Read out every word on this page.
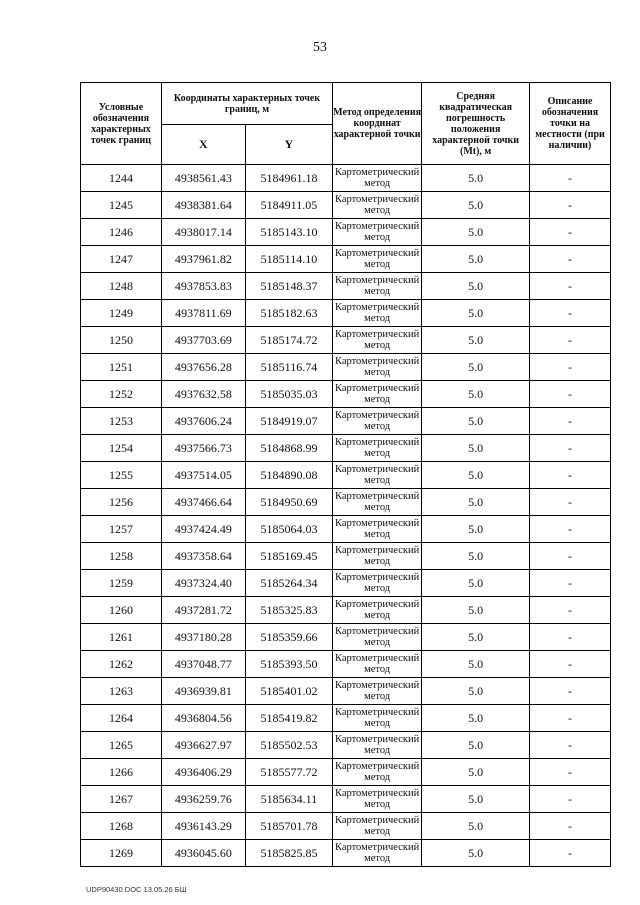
53
Условные обозначения характерных точек границ	Координаты характерных точек границ, м		Метод определения координат характерной точки	Средняя квадратическая погрешность положения характерной точки (Mt), м	Описание обозначения точки на местности (при наличии)
	X	Y			
1244	4938561.43	5184961.18	Картометрический метод	5.0	-
1245	4938381.64	5184911.05	Картометрический метод	5.0	-
1246	4938017.14	5185143.10	Картометрический метод	5.0	-
1247	4937961.82	5185114.10	Картометрический метод	5.0	-
1248	4937853.83	5185148.37	Картометрический метод	5.0	-
1249	4937811.69	5185182.63	Картометрический метод	5.0	-
1250	4937703.69	5185174.72	Картометрический метод	5.0	-
1251	4937656.28	5185116.74	Картометрический метод	5.0	-
1252	4937632.58	5185035.03	Картометрический метод	5.0	-
1253	4937606.24	5184919.07	Картометрический метод	5.0	-
1254	4937566.73	5184868.99	Картометрический метод	5.0	-
1255	4937514.05	5184890.08	Картометрический метод	5.0	-
1256	4937466.64	5184950.69	Картометрический метод	5.0	-
1257	4937424.49	5185064.03	Картометрический метод	5.0	-
1258	4937358.64	5185169.45	Картометрический метод	5.0	-
1259	4937324.40	5185264.34	Картометрический метод	5.0	-
1260	4937281.72	5185325.83	Картометрический метод	5.0	-
1261	4937180.28	5185359.66	Картометрический метод	5.0	-
1262	4937048.77	5185393.50	Картометрический метод	5.0	-
1263	4936939.81	5185401.02	Картометрический метод	5.0	-
1264	4936804.56	5185419.82	Картометрический метод	5.0	-
1265	4936627.97	5185502.53	Картометрический метод	5.0	-
1266	4936406.29	5185577.72	Картометрический метод	5.0	-
1267	4936259.76	5185634.11	Картометрический метод	5.0	-
1268	4936143.29	5185701.78	Картометрический метод	5.0	-
1269	4936045.60	5185825.85	Картометрический метод	5.0	-
UDP90430.DOC 13.05.26 БШ
